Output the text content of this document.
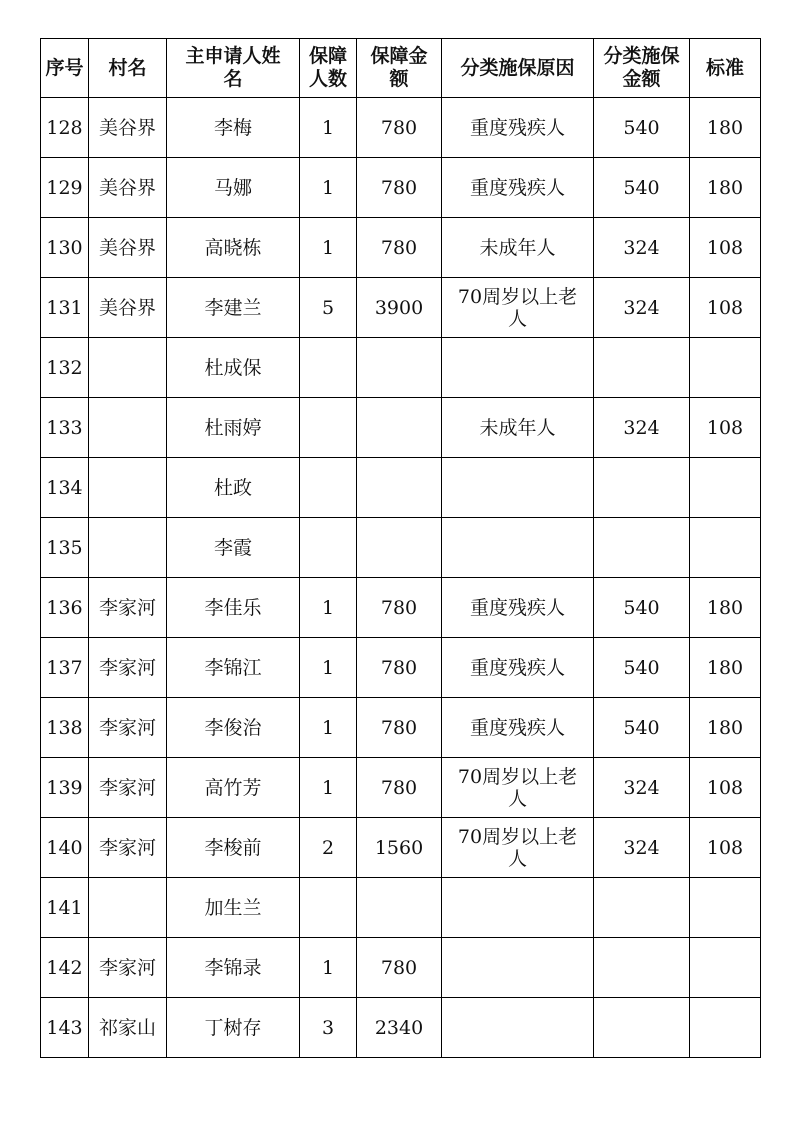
序号	村名	主申请人姓名	保障人数	保障金额	分类施保原因	分类施保金额	标准
128	美谷界	李梅	1	780	重度残疾人	540	180
129	美谷界	马娜	1	780	重度残疾人	540	180
130	美谷界	高晓栋	1	780	未成年人	324	108
131	美谷界	李建兰	5	3900	70周岁以上老人	324	108
132		杜成保					
133		杜雨婷			未成年人	324	108
134		杜政					
135		李霞					
136	李家河	李佳乐	1	780	重度残疾人	540	180
137	李家河	李锦江	1	780	重度残疾人	540	180
138	李家河	李俊治	1	780	重度残疾人	540	180
139	李家河	高竹芳	1	780	70周岁以上老人	324	108
140	李家河	李梭前	2	1560	70周岁以上老人	324	108
141		加生兰					
142	李家河	李锦录	1	780			
143	祁家山	丁树存	3	2340			
